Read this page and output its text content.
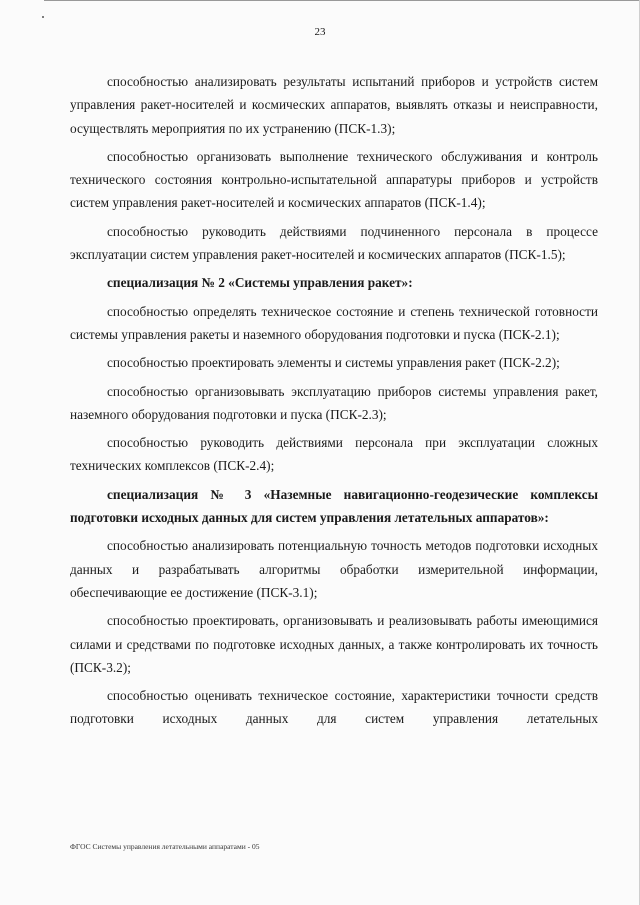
23

способностью анализировать результаты испытаний приборов и устройств систем управления ракет-носителей и космических аппаратов, выявлять отказы и неисправности, осуществлять мероприятия по их устранению (ПСК-1.3);

способностью организовать выполнение технического обслуживания и контроль технического состояния контрольно-испытательной аппаратуры приборов и устройств систем управления ракет-носителей и космических аппаратов (ПСК-1.4);

способностью руководить действиями подчиненного персонала в процессе эксплуатации систем управления ракет-носителей и космических аппаратов (ПСК-1.5);

специализация № 2 «Системы управления ракет»:

способностью определять техническое состояние и степень технической готовности системы управления ракеты и наземного оборудования подготовки и пуска (ПСК-2.1);

способностью проектировать элементы и системы управления ракет (ПСК-2.2);

способностью организовывать эксплуатацию приборов системы управления ракет, наземного оборудования подготовки и пуска (ПСК-2.3);

способностью руководить действиями персонала при эксплуатации сложных технических комплексов (ПСК-2.4);

специализация № 3 «Наземные навигационно-геодезические комплексы подготовки исходных данных для систем управления летательных аппаратов»:

способностью анализировать потенциальную точность методов подготовки исходных данных и разрабатывать алгоритмы обработки измерительной информации, обеспечивающие ее достижение (ПСК-3.1);

способностью проектировать, организовывать и реализовывать работы имеющимися силами и средствами по подготовке исходных данных, а также контролировать их точность (ПСК-3.2);

способностью оценивать техническое состояние, характеристики точности средств подготовки исходных данных для систем управления летательных

ФГОС Системы управления летательными аппаратами - 05
